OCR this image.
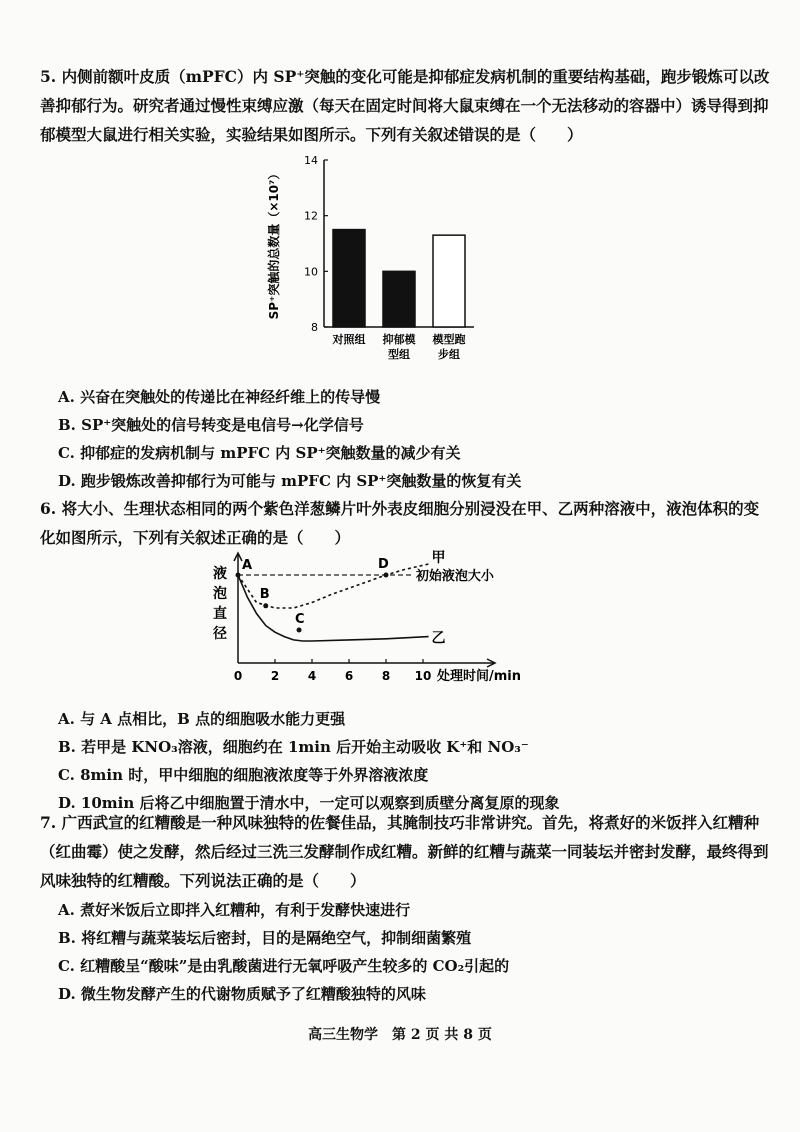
5. 内侧前额叶皮质（mPFC）内 SP⁺突触的变化可能是抑郁症发病机制的重要结构基础，跑步锻炼可以改善抑郁行为。研究者通过慢性束缚应激（每天在固定时间将大鼠束缚在一个无法移动的容器中）诱导得到抑郁模型大鼠进行相关实验，实验结果如图所示。下列有关叙述错误的是（　　）

8
10
12
14
SP⁺突触的总数量（×10⁷）
对照组 抑郁模型组
模型跑步组
A. 兴奋在突触处的传递比在神经纤维上的传导慢
B. SP⁺突触处的信号转变是电信号→化学信号
C. 抑郁症的发病机制与 mPFC 内 SP⁺突触数量的减少有关
D. 跑步锻炼改善抑郁行为可能与 mPFC 内 SP⁺突触数量的恢复有关

6. 将大小、生理状态相同的两个紫色洋葱鳞片叶外表皮细胞分别浸没在甲、乙两种溶液中，液泡体积的变化如图所示，下列有关叙述正确的是（　　）

0 2 4 6 8 10 处理时间/min
液泡直径
初始液泡大小
甲
乙
A
B
C
D
A. 与 A 点相比，B 点的细胞吸水能力更强
B. 若甲是 KNO₃溶液，细胞约在 1min 后开始主动吸收 K⁺和 NO₃⁻
C. 8min 时，甲中细胞的细胞液浓度等于外界溶液浓度
D. 10min 后将乙中细胞置于清水中，一定可以观察到质壁分离复原的现象

7. 广西武宣的红糟酸是一种风味独特的佐餐佳品，其腌制技巧非常讲究。首先，将煮好的米饭拌入红糟种（红曲霉）使之发酵，然后经过三洗三发酵制作成红糟。新鲜的红糟与蔬菜一同装坛并密封发酵，最终得到风味独特的红糟酸。下列说法正确的是（　　）

A. 煮好米饭后立即拌入红糟种，有利于发酵快速进行
B. 将红糟与蔬菜装坛后密封，目的是隔绝空气，抑制细菌繁殖
C. 红糟酸呈“酸味”是由乳酸菌进行无氧呼吸产生较多的 CO₂引起的
D. 微生物发酵产生的代谢物质赋予了红糟酸独特的风味
高三生物学　第 2 页 共 8 页
